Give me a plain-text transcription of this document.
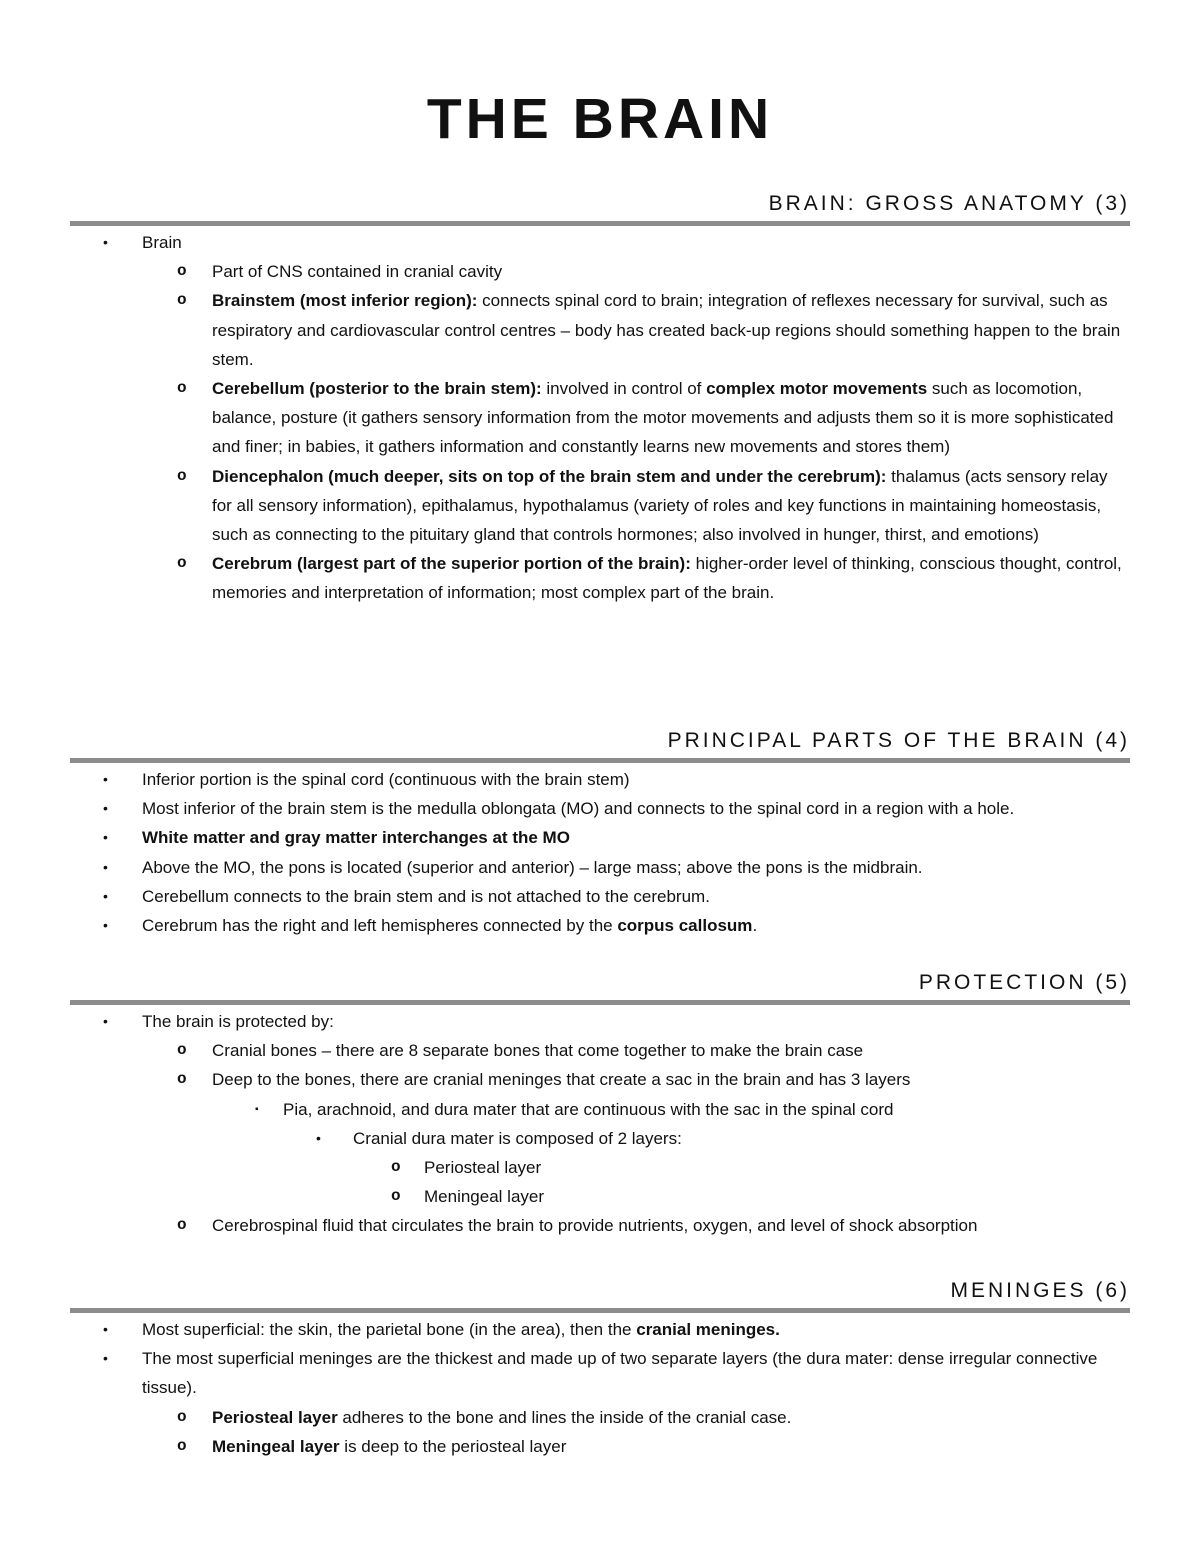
THE BRAIN
BRAIN: GROSS ANATOMY (3)
•	Brain
o	Part of CNS contained in cranial cavity
o	Brainstem (most inferior region): connects spinal cord to brain; integration of reflexes necessary for survival, such as respiratory and cardiovascular control centres – body has created back-up regions should something happen to the brain stem.
o	Cerebellum (posterior to the brain stem): involved in control of complex motor movements such as locomotion, balance, posture (it gathers sensory information from the motor movements and adjusts them so it is more sophisticated and finer; in babies, it gathers information and constantly learns new movements and stores them)
o	Diencephalon (much deeper, sits on top of the brain stem and under the cerebrum): thalamus (acts sensory relay for all sensory information), epithalamus, hypothalamus (variety of roles and key functions in maintaining homeostasis, such as connecting to the pituitary gland that controls hormones; also involved in hunger, thirst, and emotions)
o	Cerebrum (largest part of the superior portion of the brain): higher-order level of thinking, conscious thought, control, memories and interpretation of information; most complex part of the brain.
PRINCIPAL PARTS OF THE BRAIN (4)
•	Inferior portion is the spinal cord (continuous with the brain stem)
•	Most inferior of the brain stem is the medulla oblongata (MO) and connects to the spinal cord in a region with a hole.
•	White matter and gray matter interchanges at the MO
•	Above the MO, the pons is located (superior and anterior) – large mass; above the pons is the midbrain.
•	Cerebellum connects to the brain stem and is not attached to the cerebrum.
•	Cerebrum has the right and left hemispheres connected by the corpus callosum.
PROTECTION (5)
•	The brain is protected by:
o	Cranial bones – there are 8 separate bones that come together to make the brain case
o	Deep to the bones, there are cranial meninges that create a sac in the brain and has 3 layers
▪	Pia, arachnoid, and dura mater that are continuous with the sac in the spinal cord
•	Cranial dura mater is composed of 2 layers:
o	Periosteal layer
o	Meningeal layer
o	Cerebrospinal fluid that circulates the brain to provide nutrients, oxygen, and level of shock absorption
MENINGES (6)
•	Most superficial: the skin, the parietal bone (in the area), then the cranial meninges.
•	The most superficial meninges are the thickest and made up of two separate layers (the dura mater: dense irregular connective tissue).
o	Periosteal layer adheres to the bone and lines the inside of the cranial case.
o	Meningeal layer is deep to the periosteal layer
